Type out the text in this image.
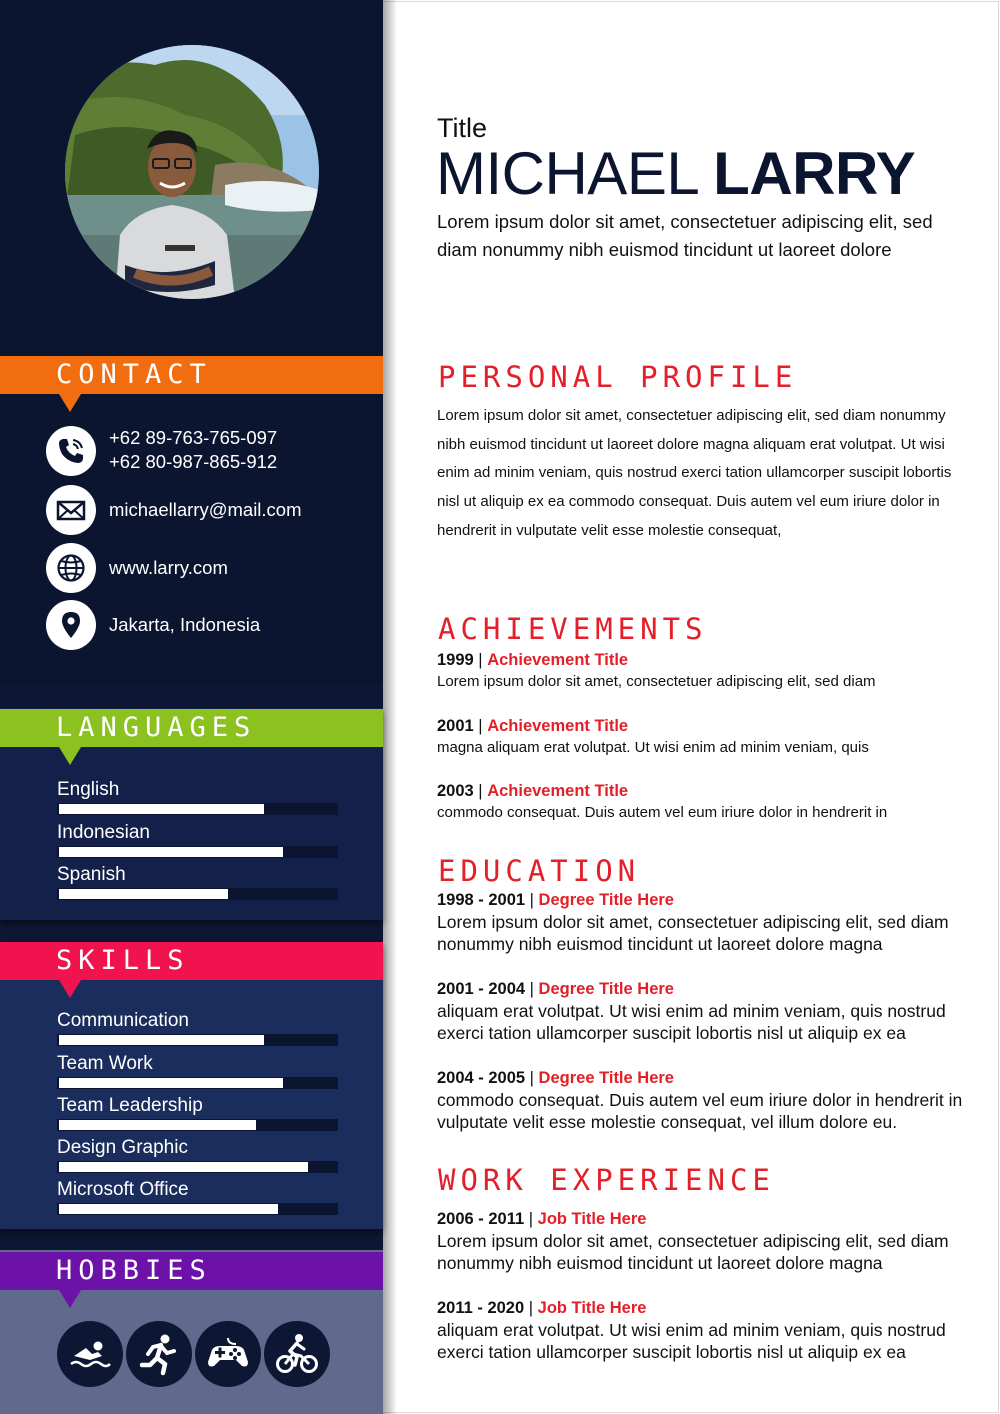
CONTACT
+62 89-763-765-097
+62 80-987-865-912
michaellarry@mail.com
www.larry.com
Jakarta, Indonesia
LANGUAGES
English
Indonesian
Spanish
SKILLS
Communication
Team Work
Team Leadership
Design Graphic
Microsoft Office
HOBBIES
Title
MICHAEL LARRY
Lorem ipsum dolor sit amet, consectetuer adipiscing elit, sed diam nonummy nibh euismod tincidunt ut laoreet dolore
PERSONAL PROFILE
Lorem ipsum dolor sit amet, consectetuer adipiscing elit, sed diam nonummy nibh euismod tincidunt ut laoreet dolore magna aliquam erat volutpat. Ut wisi enim ad minim veniam, quis nostrud exerci tation ullamcorper suscipit lobortis nisl ut aliquip ex ea commodo consequat. Duis autem vel eum iriure dolor in hendrerit in vulputate velit esse molestie consequat,
ACHIEVEMENTS
1999 | Achievement Title
Lorem ipsum dolor sit amet, consectetuer adipiscing elit, sed diam
2001 | Achievement Title
magna aliquam erat volutpat. Ut wisi enim ad minim veniam, quis
2003 | Achievement Title
commodo consequat. Duis autem vel eum iriure dolor in hendrerit in
EDUCATION
1998 - 2001 | Degree Title Here
Lorem ipsum dolor sit amet, consectetuer adipiscing elit, sed diam nonummy nibh euismod tincidunt ut laoreet dolore magna
2001 - 2004 | Degree Title Here
aliquam erat volutpat. Ut wisi enim ad minim veniam, quis nostrud exerci tation ullamcorper suscipit lobortis nisl ut aliquip ex ea
2004 - 2005 | Degree Title Here
commodo consequat. Duis autem vel eum iriure dolor in hendrerit in vulputate velit esse molestie consequat, vel illum dolore eu.
WORK EXPERIENCE
2006 - 2011 | Job Title Here
Lorem ipsum dolor sit amet, consectetuer adipiscing elit, sed diam nonummy nibh euismod tincidunt ut laoreet dolore magna
2011 - 2020 | Job Title Here
aliquam erat volutpat. Ut wisi enim ad minim veniam, quis nostrud exerci tation ullamcorper suscipit lobortis nisl ut aliquip ex ea
